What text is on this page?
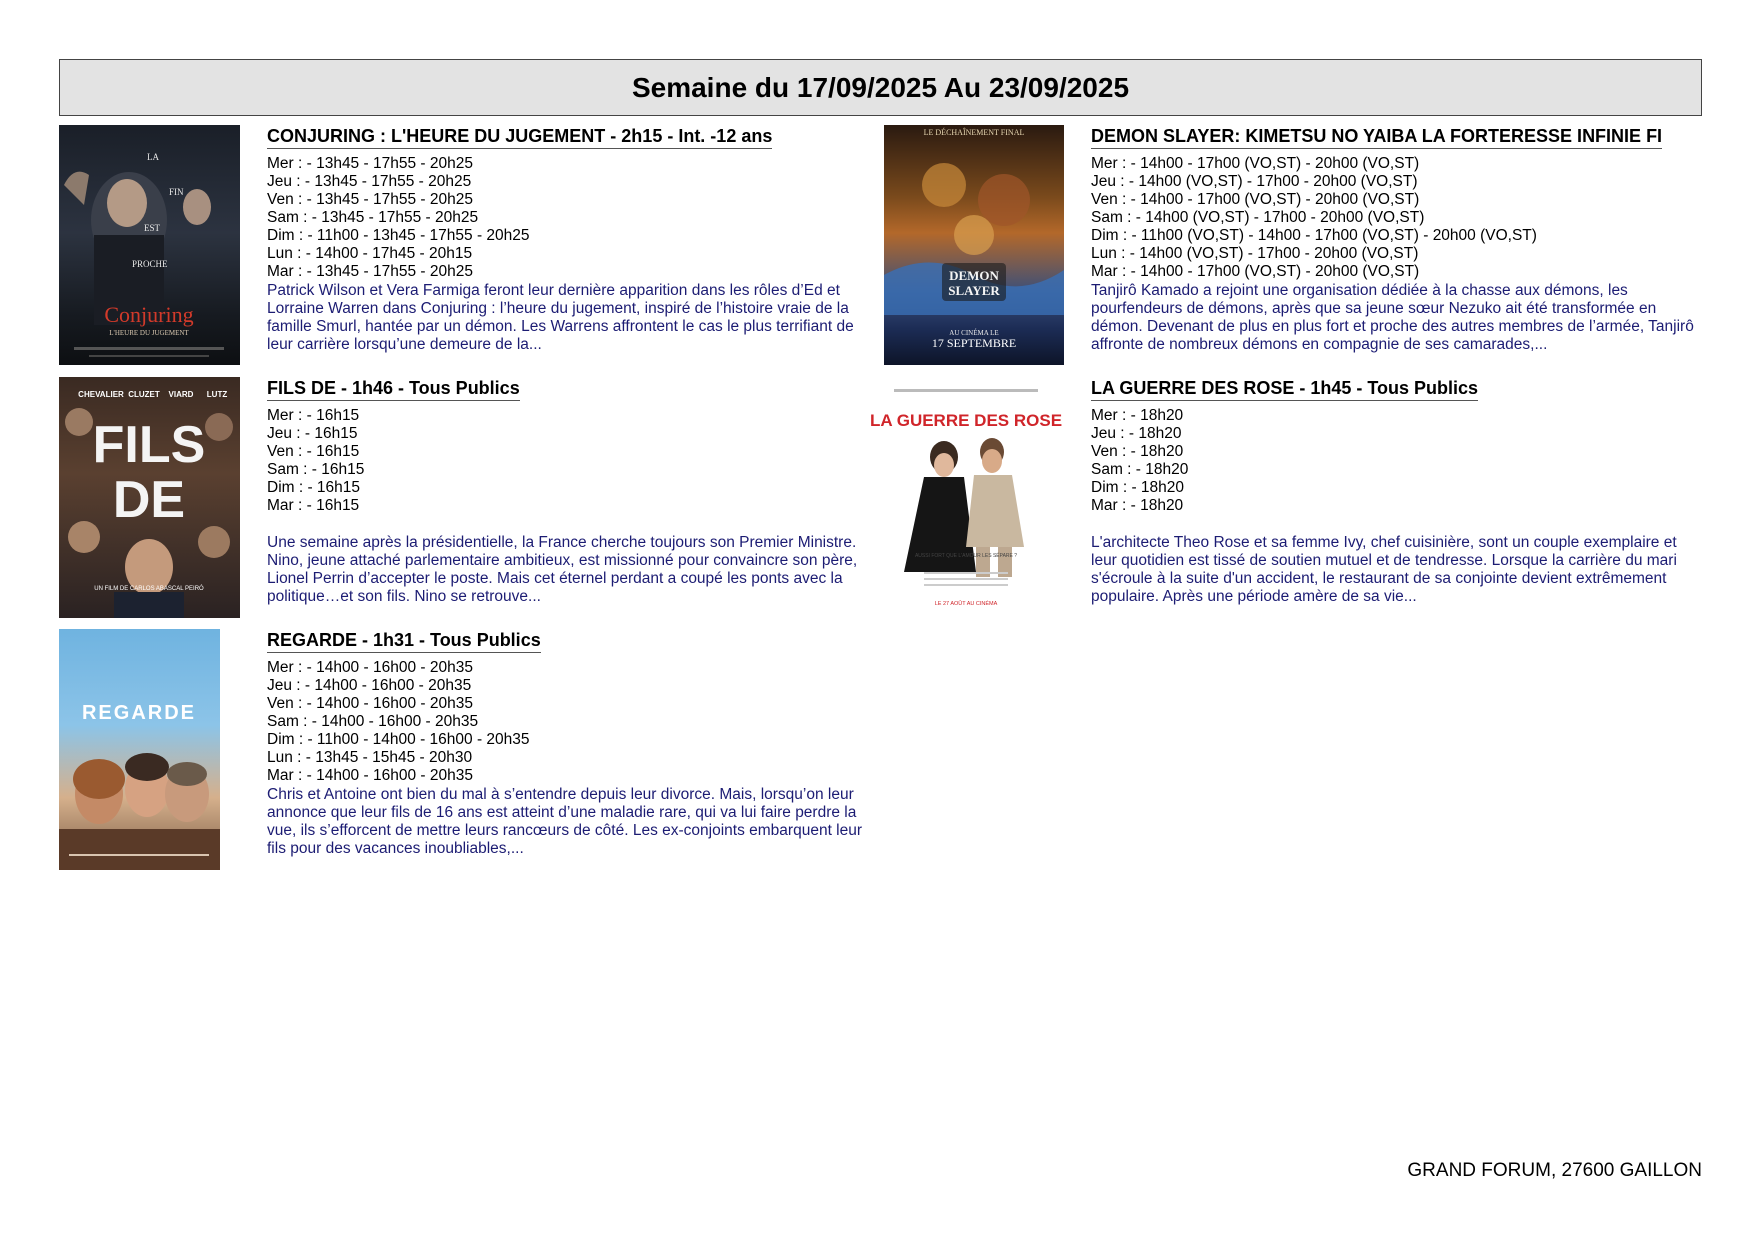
Semaine du 17/09/2025 Au 23/09/2025
LA
FIN
EST
PROCHE
Conjuring
L'HEURE DU JUGEMENT
CONJURING : L'HEURE DU JUGEMENT - 2h15 - Int. -12 ans
Mer : - 13h45 - 17h55 - 20h25
Jeu : - 13h45 - 17h55 - 20h25
Ven : - 13h45 - 17h55 - 20h25
Sam : - 13h45 - 17h55 - 20h25
Dim : - 11h00 - 13h45 - 17h55 - 20h25
Lun : - 14h00 - 17h45 - 20h15
Mar : - 13h45 - 17h55 - 20h25
Patrick Wilson et Vera Farmiga feront leur dernière apparition dans les rôles d’Ed et Lorraine Warren dans Conjuring : l’heure du jugement, inspiré de l’histoire vraie de la famille Smurl, hantée par un démon. Les Warrens affrontent le cas le plus terrifiant de leur carrière lorsqu’une demeure de la...
LE DÉCHAÎNEMENT FINAL
DEMON
SLAYER
AU CINÉMA LE
17 SEPTEMBRE
DEMON SLAYER: KIMETSU NO YAIBA LA FORTERESSE INFINIE FI
Mer : - 14h00 - 17h00 (VO,ST) - 20h00 (VO,ST)
Jeu : - 14h00 (VO,ST) - 17h00 - 20h00 (VO,ST)
Ven : - 14h00 - 17h00 (VO,ST) - 20h00 (VO,ST)
Sam : - 14h00 (VO,ST) - 17h00 - 20h00 (VO,ST)
Dim : - 11h00 (VO,ST) - 14h00 - 17h00 (VO,ST) - 20h00 (VO,ST)
Lun : - 14h00 (VO,ST) - 17h00 - 20h00 (VO,ST)
Mar : - 14h00 - 17h00 (VO,ST) - 20h00 (VO,ST)
Tanjirô Kamado a rejoint une organisation dédiée à la chasse aux démons, les pourfendeurs de démons, après que sa jeune sœur Nezuko ait été transformée en démon. Devenant de plus en plus fort et proche des autres membres de l’armée, Tanjirô affronte de nombreux démons en compagnie de ses camarades,...
CHEVALIER CLUZET VIARD LUTZ
FILS
DE
UN FILM DE CARLOS ABASCAL PEIRÓ
FILS DE - 1h46 - Tous Publics
Mer : - 16h15
Jeu : - 16h15
Ven : - 16h15
Sam : - 16h15
Dim : - 16h15
Mar : - 16h15
Une semaine après la présidentielle, la France cherche toujours son Premier Ministre. Nino, jeune attaché parlementaire ambitieux, est missionné pour convaincre son père, Lionel Perrin d’accepter le poste. Mais cet éternel perdant a coupé les ponts avec la politique…et son fils. Nino se retrouve...
LA GUERRE DES ROSE
AUSSI FORT QUE L'AMOUR LES SÉPARE ?
LE 27 AOÛT AU CINÉMA
LA GUERRE DES ROSE - 1h45 - Tous Publics
Mer : - 18h20
Jeu : - 18h20
Ven : - 18h20
Sam : - 18h20
Dim : - 18h20
Mar : - 18h20
L'architecte Theo Rose et sa femme Ivy, chef cuisinière, sont un couple exemplaire et leur quotidien est tissé de soutien mutuel et de tendresse. Lorsque la carrière du mari s'écroule à la suite d'un accident, le restaurant de sa conjointe devient extrêmement populaire. Après une période amère de sa vie...
REGARDE
REGARDE - 1h31 - Tous Publics
Mer : - 14h00 - 16h00 - 20h35
Jeu : - 14h00 - 16h00 - 20h35
Ven : - 14h00 - 16h00 - 20h35
Sam : - 14h00 - 16h00 - 20h35
Dim : - 11h00 - 14h00 - 16h00 - 20h35
Lun : - 13h45 - 15h45 - 20h30
Mar : - 14h00 - 16h00 - 20h35
Chris et Antoine ont bien du mal à s’entendre depuis leur divorce. Mais, lorsqu’on leur annonce que leur fils de 16 ans est atteint d’une maladie rare, qui va lui faire perdre la vue, ils s’efforcent de mettre leurs rancœurs de côté. Les ex-conjoints embarquent leur fils pour des vacances inoubliables,...
GRAND FORUM, 27600 GAILLON
